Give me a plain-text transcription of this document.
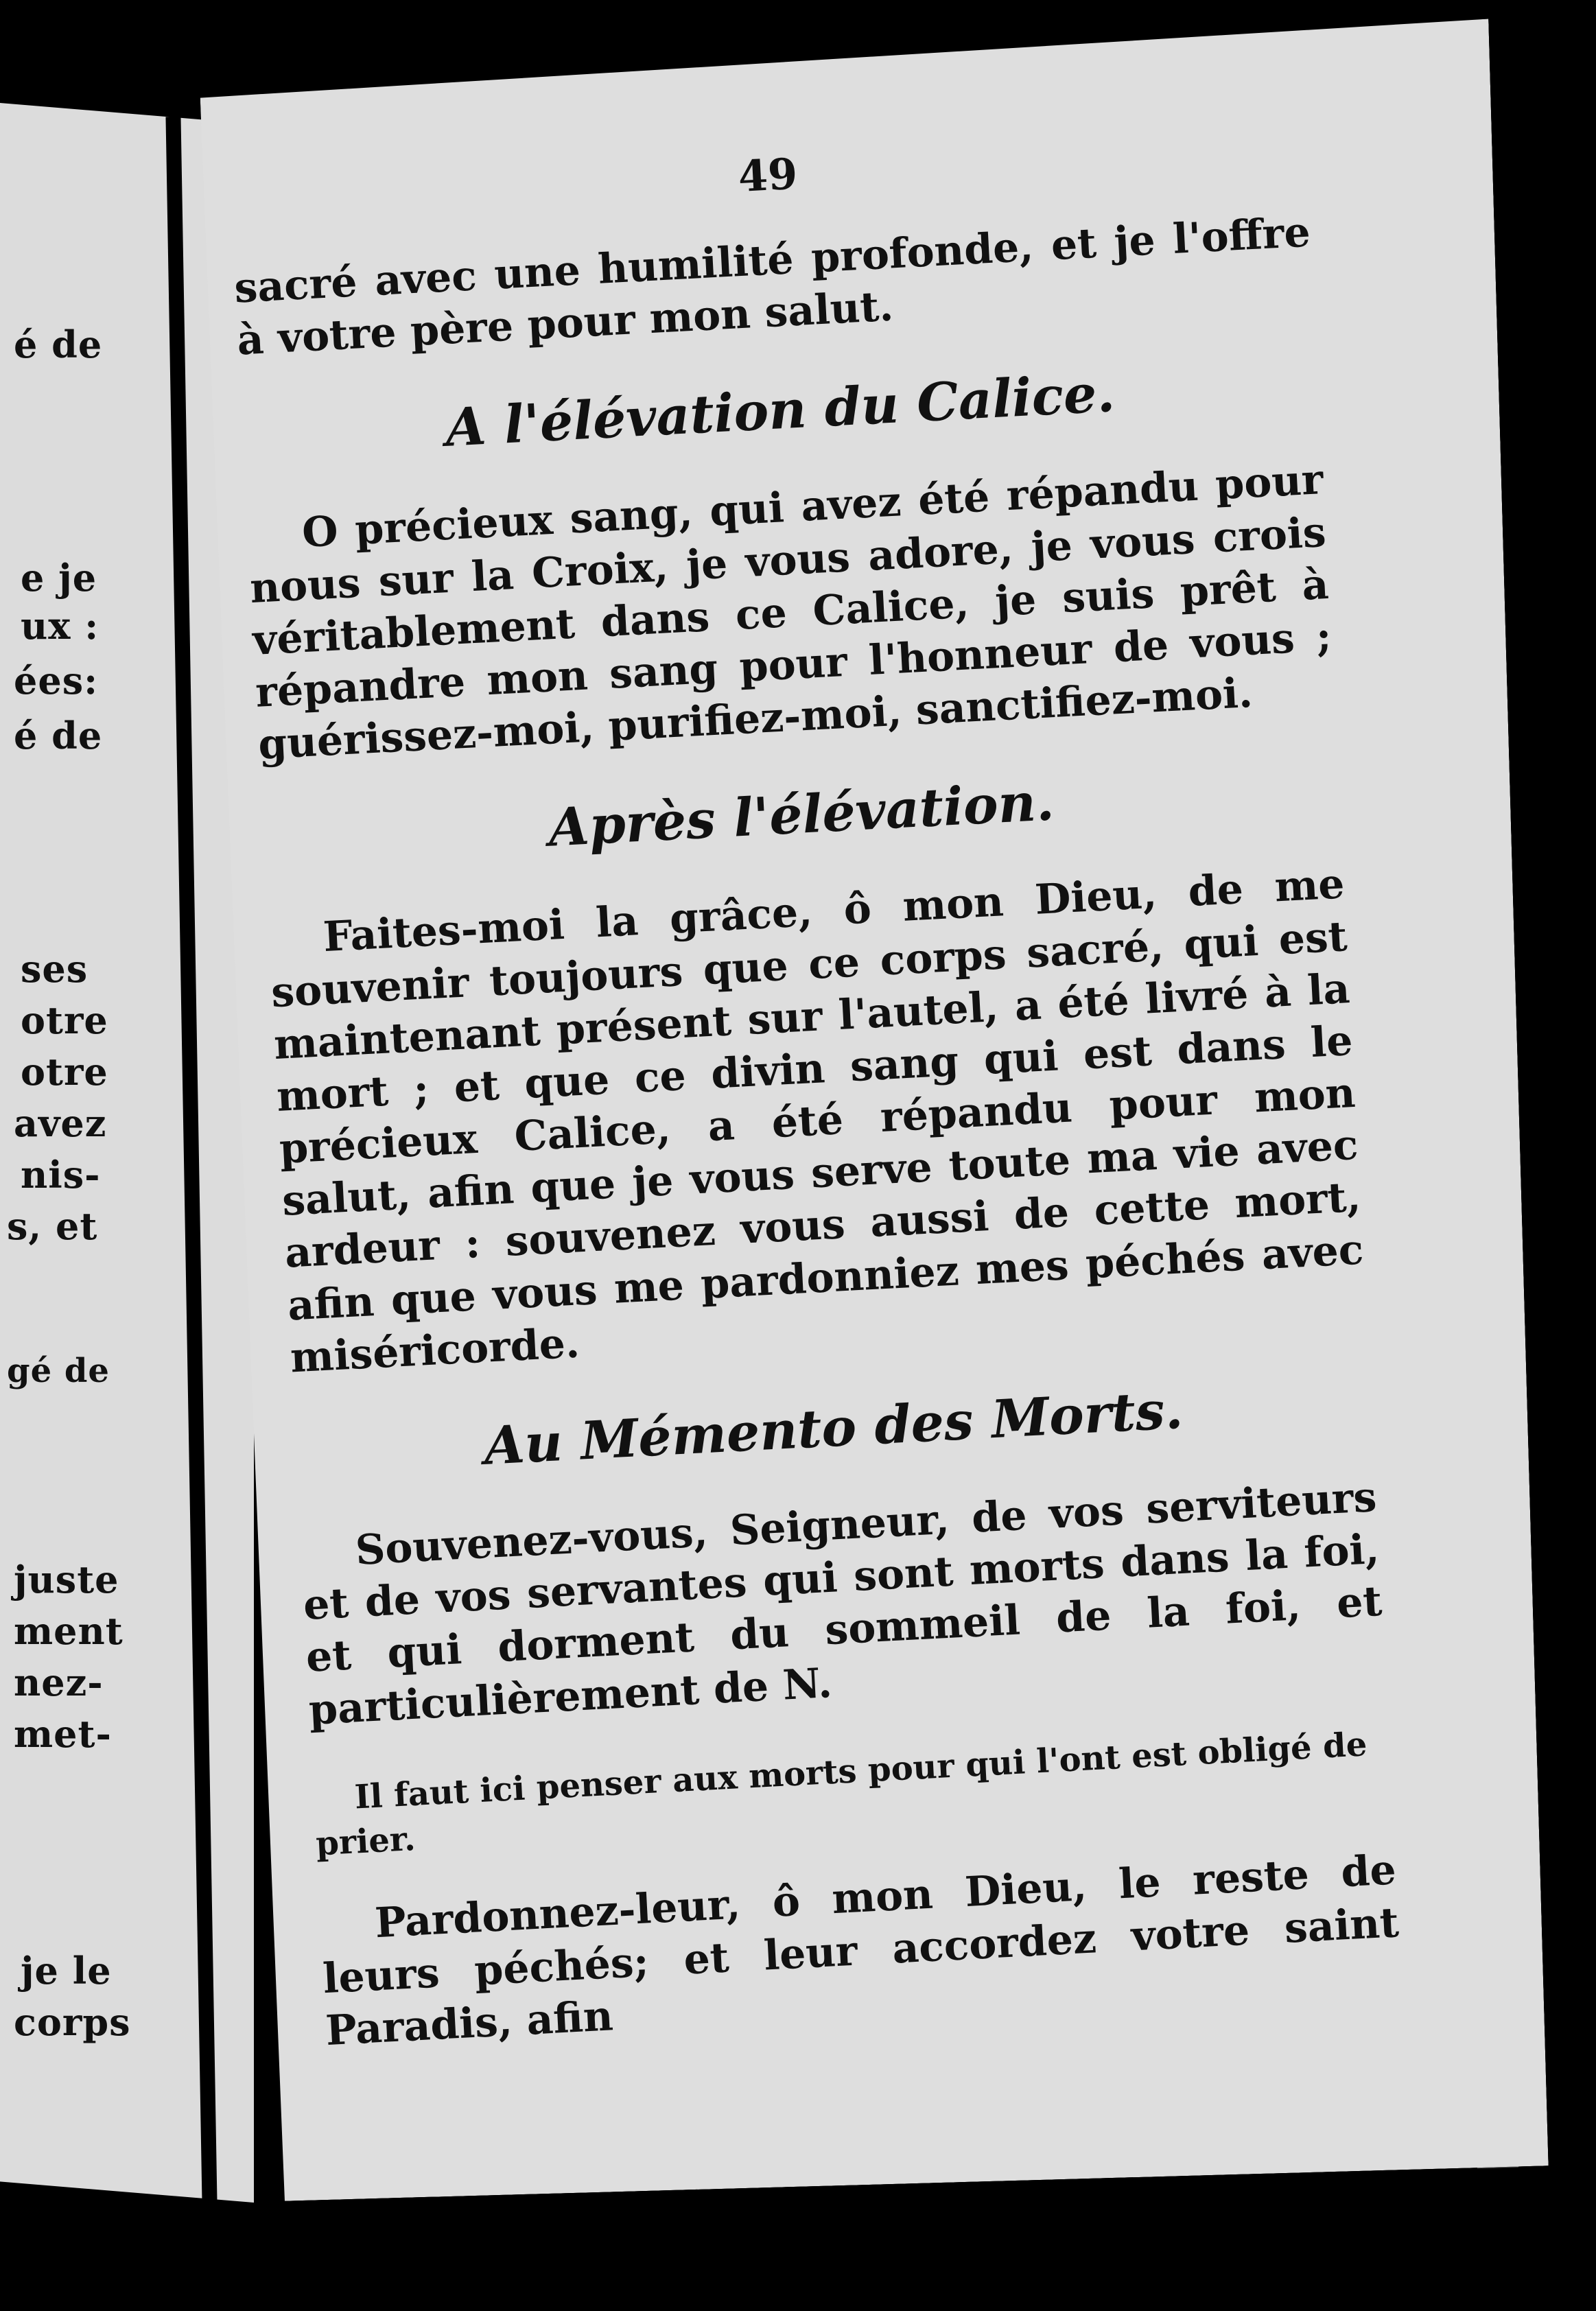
é de
e je
ux :
ées:
é de
ses
otre
otre
avez
nis-
s, et
gé de
juste
ment
nez-
met-
je le
corps
49

sacré avec une humilité profonde, et je l'offre à votre père pour mon salut.

A l'élévation du Calice.

O précieux sang, qui avez été répandu pour nous sur la Croix, je vous adore, je vous crois véritablement dans ce Calice, je suis prêt à répandre mon sang pour l'honneur de vous ; guérissez-moi, purifiez-moi, sanctifiez-moi.

Après l'élévation.

Faites-moi la grâce, ô mon Dieu, de me souvenir toujours que ce corps sacré, qui est maintenant présent sur l'autel, a été livré à la mort ; et que ce divin sang qui est dans le précieux Calice, a été répandu pour mon salut, afin que je vous serve toute ma vie avec ardeur : souvenez vous aussi de cette mort, afin que vous me pardonniez mes péchés avec miséricorde.

Au Mémento des Morts.

Souvenez-vous, Seigneur, de vos serviteurs et de vos servantes qui sont morts dans la foi, et qui dorment du sommeil de la foi, et particulièrement de N.

Il faut ici penser aux morts pour qui l'ont est obligé de prier.

Pardonnez-leur, ô mon Dieu, le reste de leurs péchés; et leur accordez votre saint Paradis, afin
